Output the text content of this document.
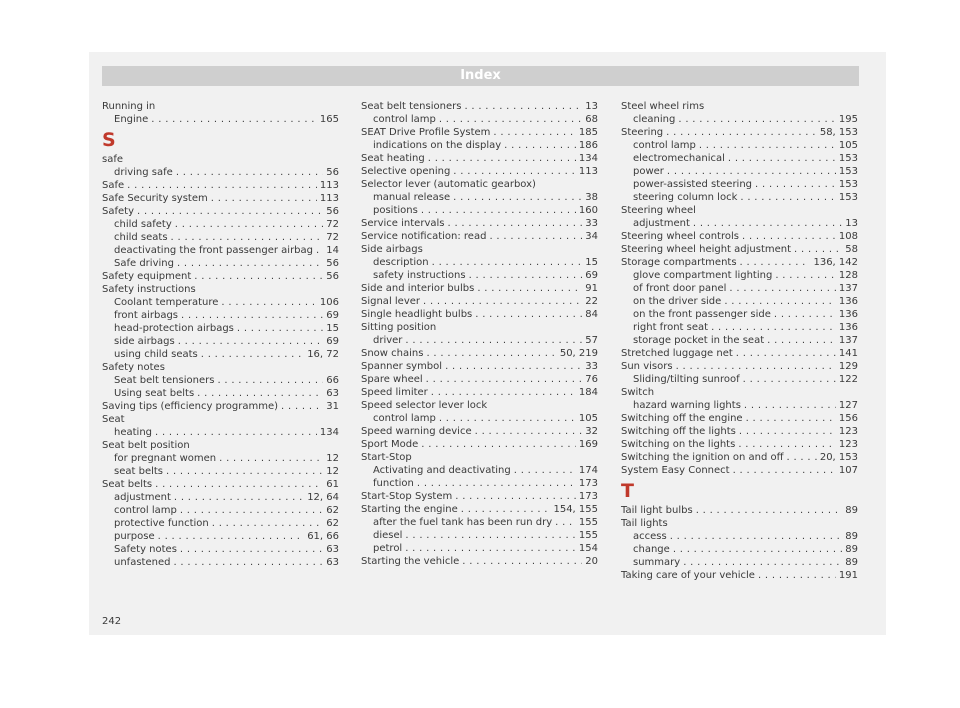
Index
Running in
Engine . . .	165
S
safe
driving safe . . .	56
Safe . . .	113
Safe Security system . . .	113
Safety . . .	56
child safety . . .	72
child seats . . .	72
deactivating the front passenger airbag . . . 14
Safe driving . . .	56
Safety equipment . . .	56
Safety instructions
Coolant temperature . . .	106
front airbags . . .	69
head-protection airbags . . .	15
side airbags . . .	69
using child seats . . .	16, 72
Safety notes
Seat belt tensioners . . .	66
Using seat belts . . .	63
Saving tips (efficiency programme) . . .	31
Seat
heating . . .	134
Seat belt position
for pregnant women . . .	12
seat belts . . .	12
Seat belts . . .	61
adjustment . . .	12, 64
control lamp . . .	62
protective function . . .	62
purpose . . .	61, 66
Safety notes . . .	63
unfastened . . .	63
Seat belt tensioners . . .	13
control lamp . . .	68
SEAT Drive Profile System . . .	185
indications on the display . . .	186
Seat heating . . .	134
Selective opening . . .	113
Selector lever (automatic gearbox)
manual release . . .	38
positions . . .	160
Service intervals . . .	33
Service notification: read . . .	34
Side airbags
description . . .	15
safety instructions . . .	69
Side and interior bulbs . . .	91
Signal lever . . .	22
Single headlight bulbs . . .	84
Sitting position
driver . . .	57
Snow chains . . .	50, 219
Spanner symbol . . .	33
Spare wheel . . .	76
Speed limiter . . .	184
Speed selector lever lock
control lamp . . .	105
Speed warning device . . .	32
Sport Mode . . .	169
Start-Stop
Activating and deactivating . . .	174
function . . .	173
Start-Stop System . . .	173
Starting the engine . . .	154, 155
after the fuel tank has been run dry . . .	155
diesel . . .	155
petrol . . .	154
Starting the vehicle . . .	20
Steel wheel rims
cleaning . . .	195
Steering . . .	58, 153
control lamp . . .	105
electromechanical . . .	153
power . . .	153
power-assisted steering . . .	153
steering column lock . . .	153
Steering wheel
adjustment . . .	13
Steering wheel controls . . .	108
Steering wheel height adjustment . . .	58
Storage compartments . . .	136, 142
glove compartment lighting . . .	128
of front door panel . . .	137
on the driver side . . .	136
on the front passenger side . . .	136
right front seat . . .	136
storage pocket in the seat . . .	137
Stretched luggage net . . .	141
Sun visors . . .	129
Sliding/tilting sunroof . . .	122
Switch
hazard warning lights . . .	127
Switching off the engine . . .	156
Switching off the lights . . .	123
Switching on the lights . . .	123
Switching the ignition on and off . . .	20, 153
System Easy Connect . . .	107
T
Tail light bulbs . . .	89
Tail lights
access . . .	89
change . . .	89
summary . . .	89
Taking care of your vehicle . . .	191
242
